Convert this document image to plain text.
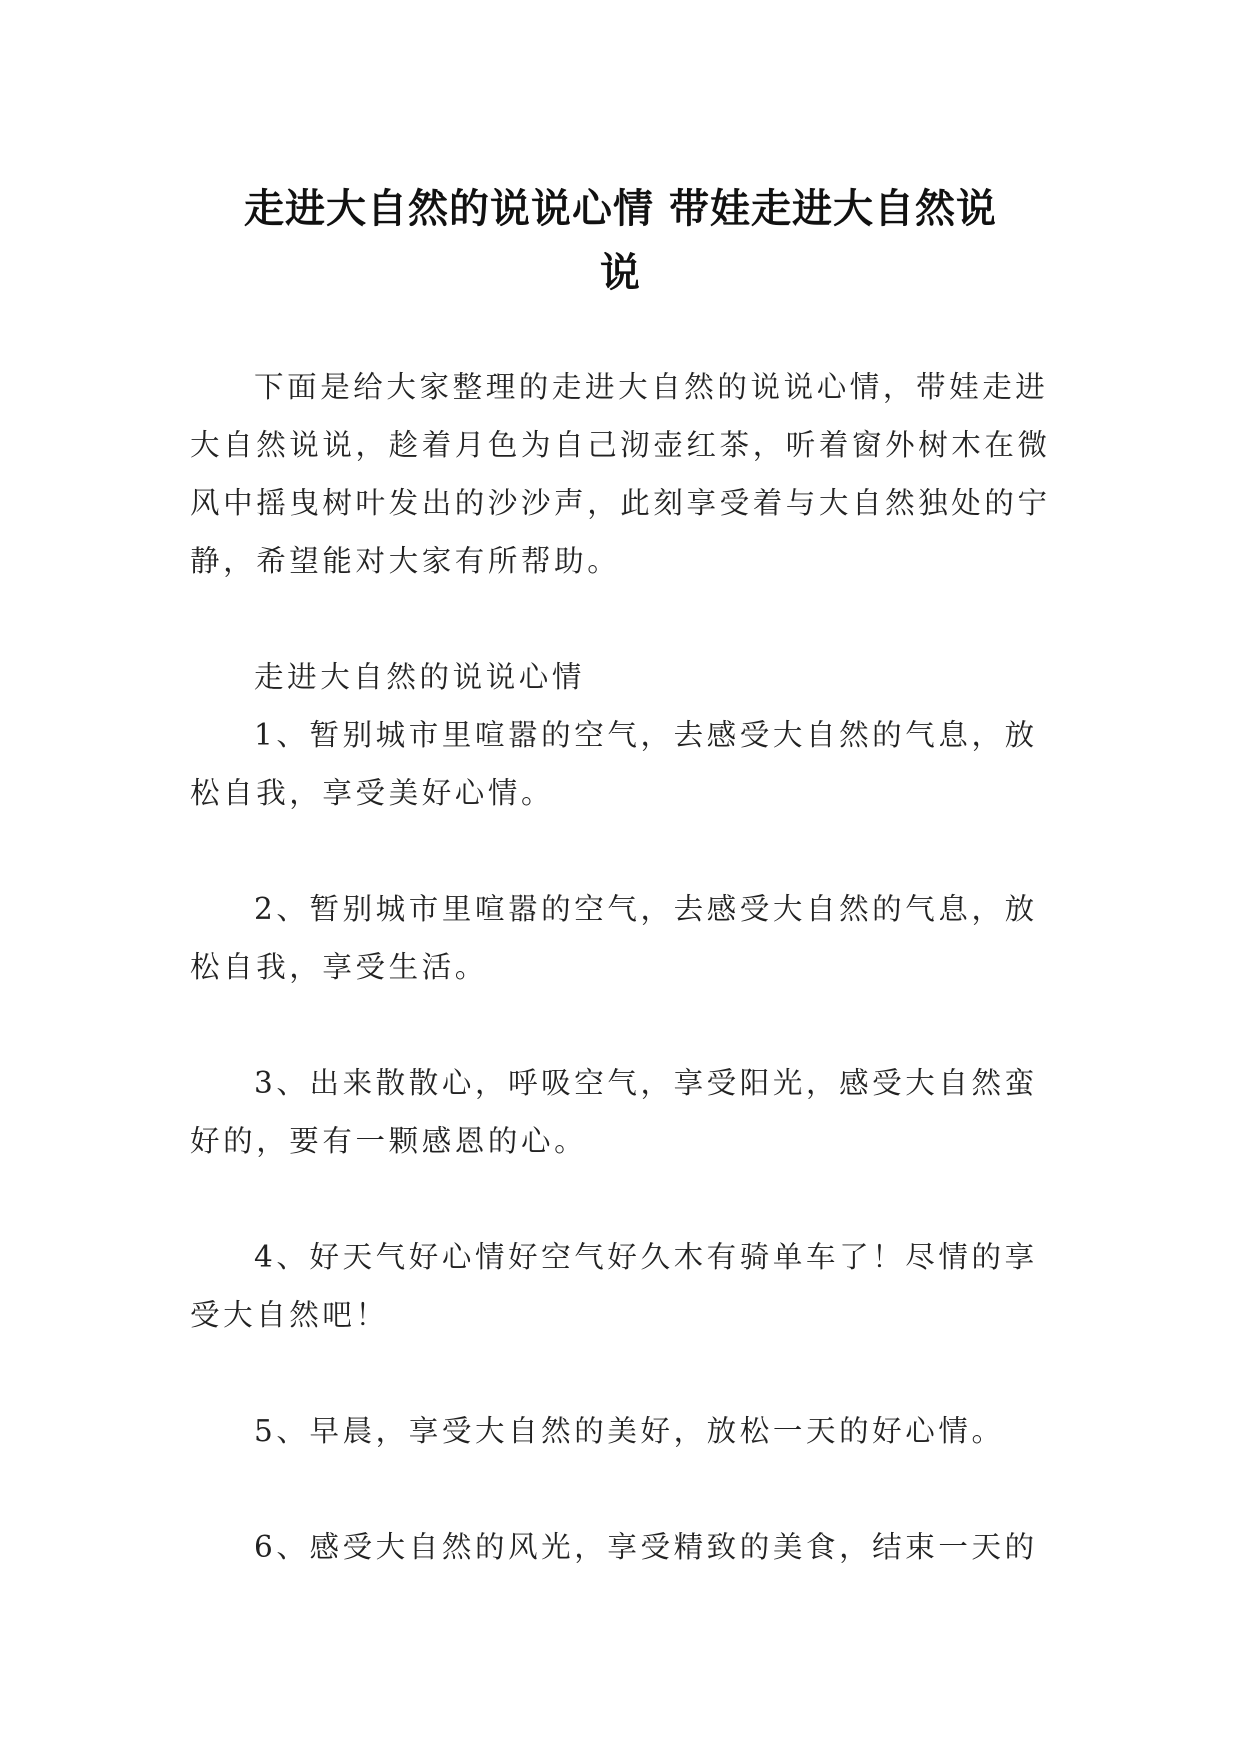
走进大自然的说说心情 带娃走进大自然说
说

下面是给大家整理的走进大自然的说说心情，带娃走进大自然说说，趁着月色为自己沏壶红茶，听着窗外树木在微风中摇曳树叶发出的沙沙声，此刻享受着与大自然独处的宁静，希望能对大家有所帮助。

走进大自然的说说心情

1、暂别城市里喧嚣的空气，去感受大自然的气息，放松自我，享受美好心情。

2、暂别城市里喧嚣的空气，去感受大自然的气息，放松自我，享受生活。

3、出来散散心，呼吸空气，享受阳光，感受大自然蛮好的，要有一颗感恩的心。

4、好天气好心情好空气好久木有骑单车了！尽情的享受大自然吧！

5、早晨，享受大自然的美好，放松一天的好心情。

6、感受大自然的风光，享受精致的美食，结束一天的
